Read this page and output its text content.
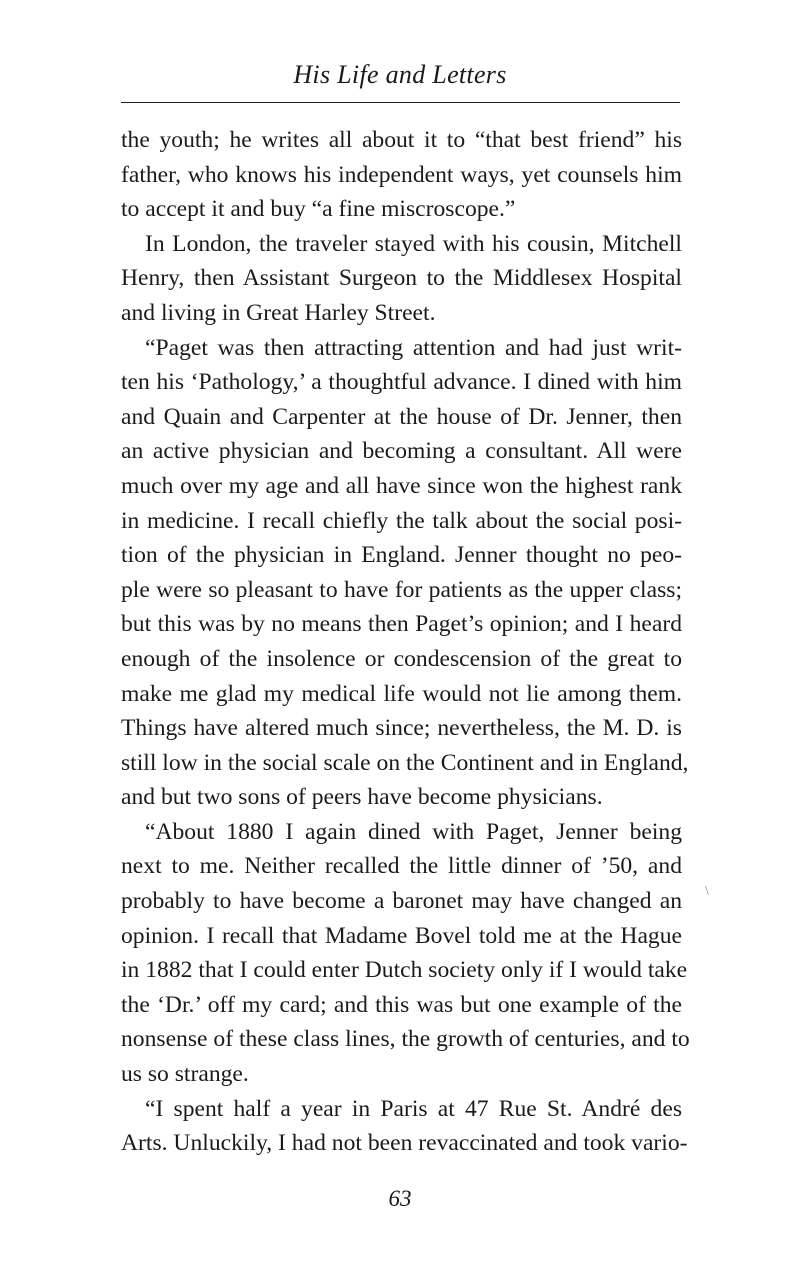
His Life and Letters
the youth; he writes all about it to “that best friend” his
father, who knows his independent ways, yet counsels him
to accept it and buy “a fine miscroscope.”
In London, the traveler stayed with his cousin, Mitchell
Henry, then Assistant Surgeon to the Middlesex Hospital
and living in Great Harley Street.
“Paget was then attracting attention and had just writ-
ten his ‘Pathology,’ a thoughtful advance. I dined with him
and Quain and Carpenter at the house of Dr. Jenner, then
an active physician and becoming a consultant. All were
much over my age and all have since won the highest rank
in medicine. I recall chiefly the talk about the social posi-
tion of the physician in England. Jenner thought no peo-
ple were so pleasant to have for patients as the upper class;
but this was by no means then Paget’s opinion; and I heard
enough of the insolence or condescension of the great to
make me glad my medical life would not lie among them.
Things have altered much since; nevertheless, the M. D. is
still low in the social scale on the Continent and in England,
and but two sons of peers have become physicians.
“About 1880 I again dined with Paget, Jenner being
next to me. Neither recalled the little dinner of ’50, and
probably to have become a baronet may have changed an
opinion. I recall that Madame Bovel told me at the Hague
in 1882 that I could enter Dutch society only if I would take
the ‘Dr.’ off my card; and this was but one example of the
nonsense of these class lines, the growth of centuries, and to
us so strange.
“I spent half a year in Paris at 47 Rue St. André des
Arts. Unluckily, I had not been revaccinated and took vario-
\
63
